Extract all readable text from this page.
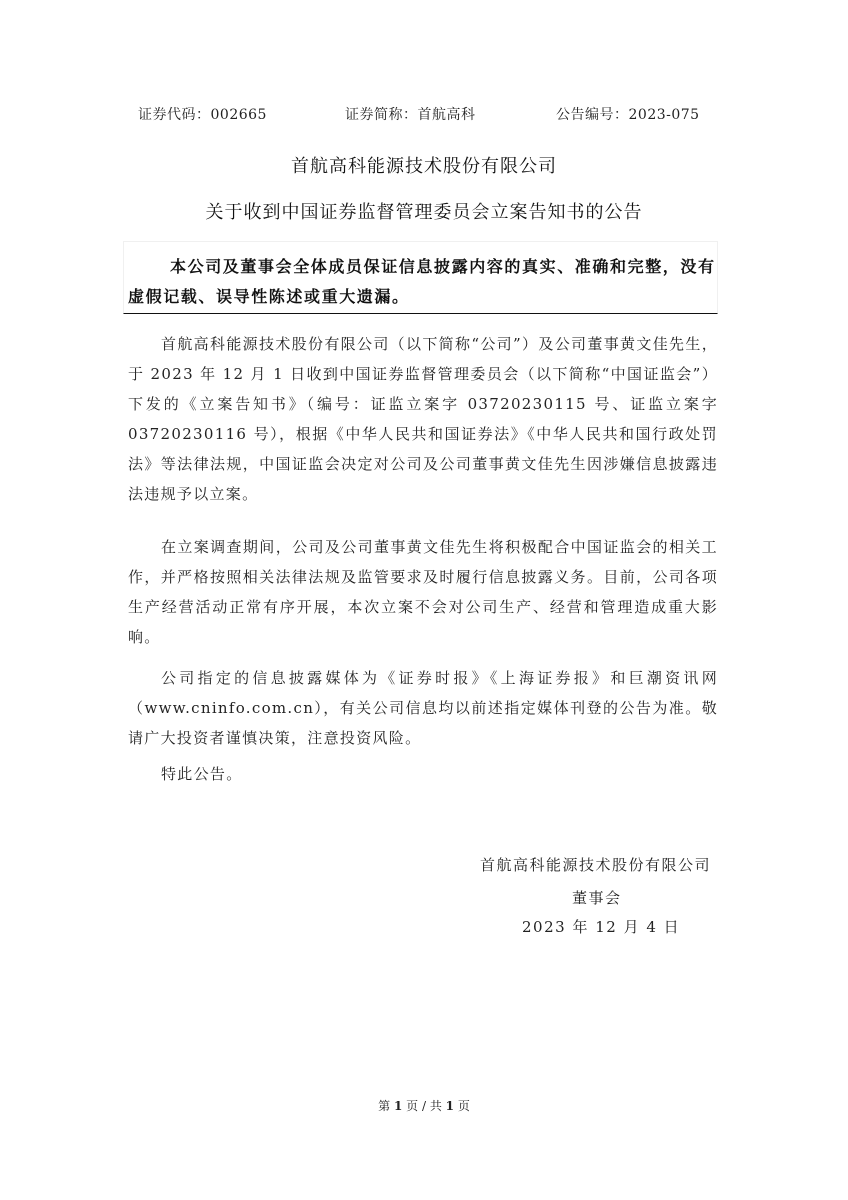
证券代码：002665	证券简称：首航高科	公告编号：2023-075
首航高科能源技术股份有限公司
关于收到中国证券监督管理委员会立案告知书的公告
本公司及董事会全体成员保证信息披露内容的真实、准确和完整，没有虚假记载、误导性陈述或重大遗漏。
首航高科能源技术股份有限公司（以下简称“公司”）及公司董事黄文佳先生，于 2023 年 12 月 1 日收到中国证券监督管理委员会（以下简称“中国证监会”）下发的《立案告知书》（编号：证监立案字 0372023​0115 号、证监立案字 0372023​0116 号），根据《中华人民共和国证券法》《中华人民共和国行政处罚法》等法律法规，中国证监会决定对公司及公司董事黄文佳先生因涉嫌信息披露违法违规予以立案。
在立案调查期间，公司及公司董事黄文佳先生将积极配合中国证监会的相关工作，并严格按照相关法律法规及监管要求及时履行信息披露义务。目前，公司各项生产经营活动正常有序开展，本次立案不会对公司生产、经营和管理造成重大影响。
公司指定的信息披露媒体为《证券时报》《上海证券报》和巨潮资讯网（www.cninfo.com.cn），有关公司信息均以前述指定媒体刊登的公告为准。敬请广大投资者谨慎决策，注意投资风险。
特此公告。
首航高科能源技术股份有限公司
董事会
2023 年 12 月 4 日
第 1 页 / 共 1 页
